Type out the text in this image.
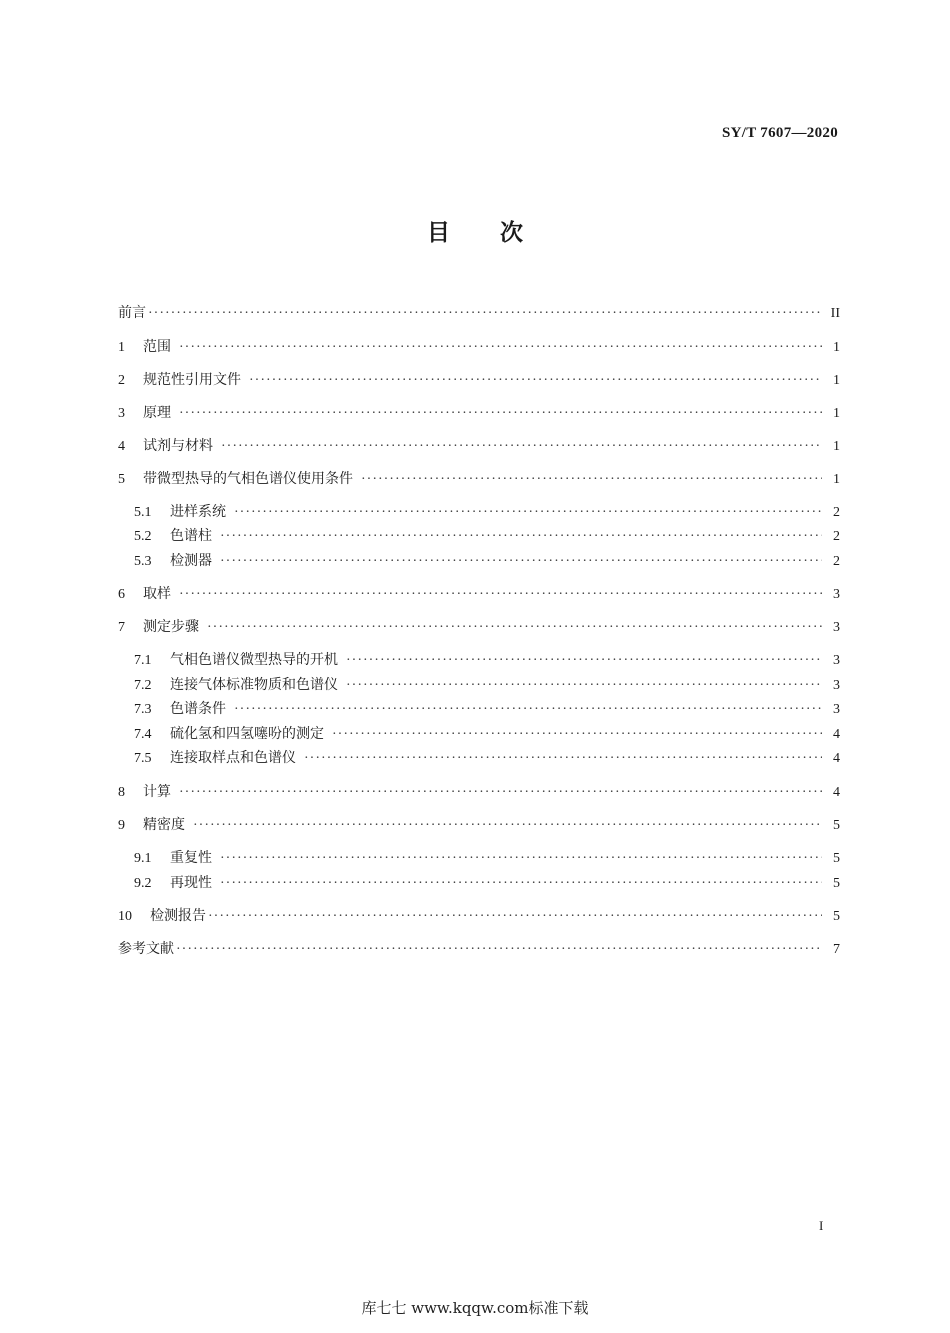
SY/T 7607—2020
目 次
前言 ·····	II
1	范围 ·····	1
2	规范性引用文件 ·····	1
3	原理 ·····	1
4	试剂与材料 ·····	1
5	带微型热导的气相色谱仪使用条件 ·····	1
5.1	进样系统 ·····	2
5.2	色谱柱 ·····	2
5.3	检测器 ·····	2
6	取样 ·····	3
7	测定步骤 ·····	3
7.1	气相色谱仪微型热导的开机 ·····	3
7.2	连接气体标准物质和色谱仪 ·····	3
7.3	色谱条件 ·····	3
7.4	硫化氢和四氢噻吩的测定 ·····	4
7.5	连接取样点和色谱仪 ·····	4
8	计算 ·····	4
9	精密度 ·····	5
9.1	重复性 ·····	5
9.2	再现性 ·····	5
10	检测报告 ·····	5
参考文献 ·····	7
I
库七七 www.kqqw.com标准下载
